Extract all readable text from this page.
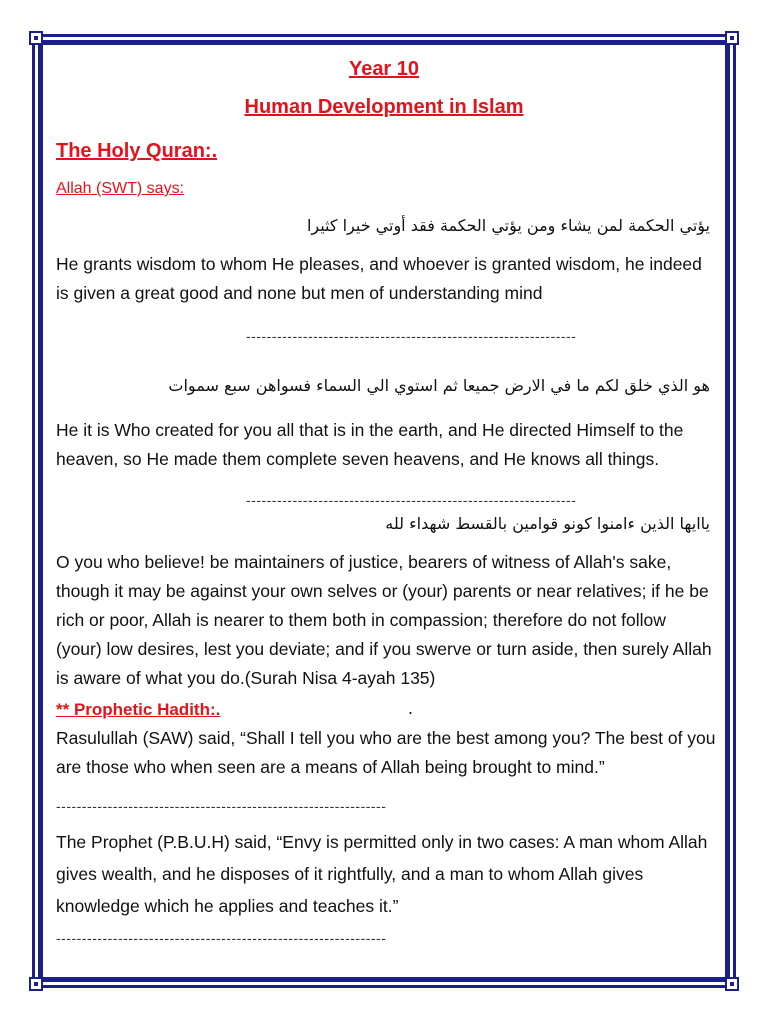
Year 10

Human Development in Islam

The Holy Quran:.
Allah (SWT) says:
يؤتي الحكمة لمن يشاء ومن يؤتي الحكمة فقد أوتي خيرا كثيرا

He grants wisdom to whom He pleases, and whoever is granted wisdom, he indeed is given a great good and none but men of understanding mind

----------------------------------------------------------------
هو الذي خلق لكم ما في الارض جميعا ثم استوي الي السماء فسواهن سبع سموات

He it is Who created for you all that is in the earth, and He directed Himself to the heaven, so He made them complete seven heavens, and He knows all things.

----------------------------------------------------------------
ياايها الذين ءامنوا كونو قوامين بالقسط شهداء لله

O you who believe! be maintainers of justice, bearers of witness of Allah's sake, though it may be against your own selves or (your) parents or near relatives; if he be rich or poor, Allah is nearer to them both in compassion; therefore do not follow (your) low desires, lest you deviate; and if you swerve or turn aside, then surely Allah is aware of what you do.(Surah Nisa 4-ayah 135)

** Prophetic Hadith:.	.

Rasulullah (SAW) said, “Shall I tell you who are the best among you? The best of you are those who when seen are a means of Allah being brought to mind.”

----------------------------------------------------------------

The Prophet (P.B.U.H) said, “Envy is permitted only in two cases: A man whom Allah gives wealth, and he disposes of it rightfully, and a man to whom Allah gives knowledge which he applies and teaches it.”

----------------------------------------------------------------
